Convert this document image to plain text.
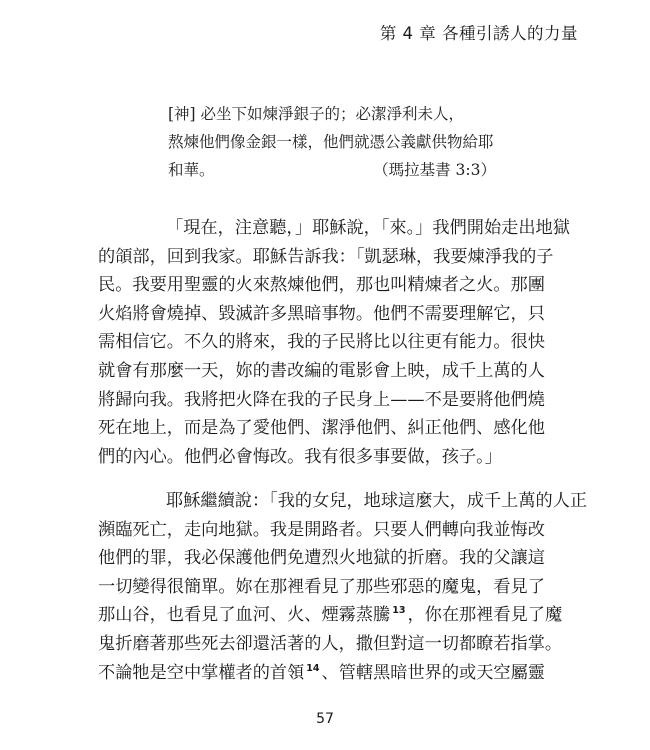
第 4 章 各種引誘人的力量
[神] 必坐下如煉淨銀子的；必潔淨利未人，
熬煉他們像金銀一樣，他們就憑公義獻供物給耶
和華。	（瑪拉基書 3:3）
「現在，注意聽，」耶穌說，「來。」我們開始走出地獄
的頜部，回到我家。耶穌告訴我：「凱瑟琳，我要煉淨我的子
民。我要用聖靈的火來熬煉他們，那也叫精煉者之火。那團
火焰將會燒掉、毀滅許多黑暗事物。他們不需要理解它，只
需相信它。不久的將來，我的子民將比以往更有能力。很快
就會有那麼一天，妳的書改編的電影會上映，成千上萬的人
將歸向我。我將把火降在我的子民身上——不是要將他們燒
死在地上，而是為了愛他們、潔淨他們、糾正他們、感化他
們的內心。他們必會悔改。我有很多事要做，孩子。」
耶穌繼續說：「我的女兒，地球這麼大，成千上萬的人正
瀕臨死亡，走向地獄。我是開路者。只要人們轉向我並悔改
他們的罪，我必保護他們免遭烈火地獄的折磨。我的父讓這
一切變得很簡單。妳在那裡看見了那些邪惡的魔鬼，看見了
那山谷，也看見了血河、火、煙霧蒸騰 $^{13}$ ，你在那裡看見了魔
鬼折磨著那些死去卻還活著的人，撒但對這一切都瞭若指掌。
不論牠是空中掌權者的首領 $^{14}$ 、管轄黑暗世界的或天空屬靈
57
